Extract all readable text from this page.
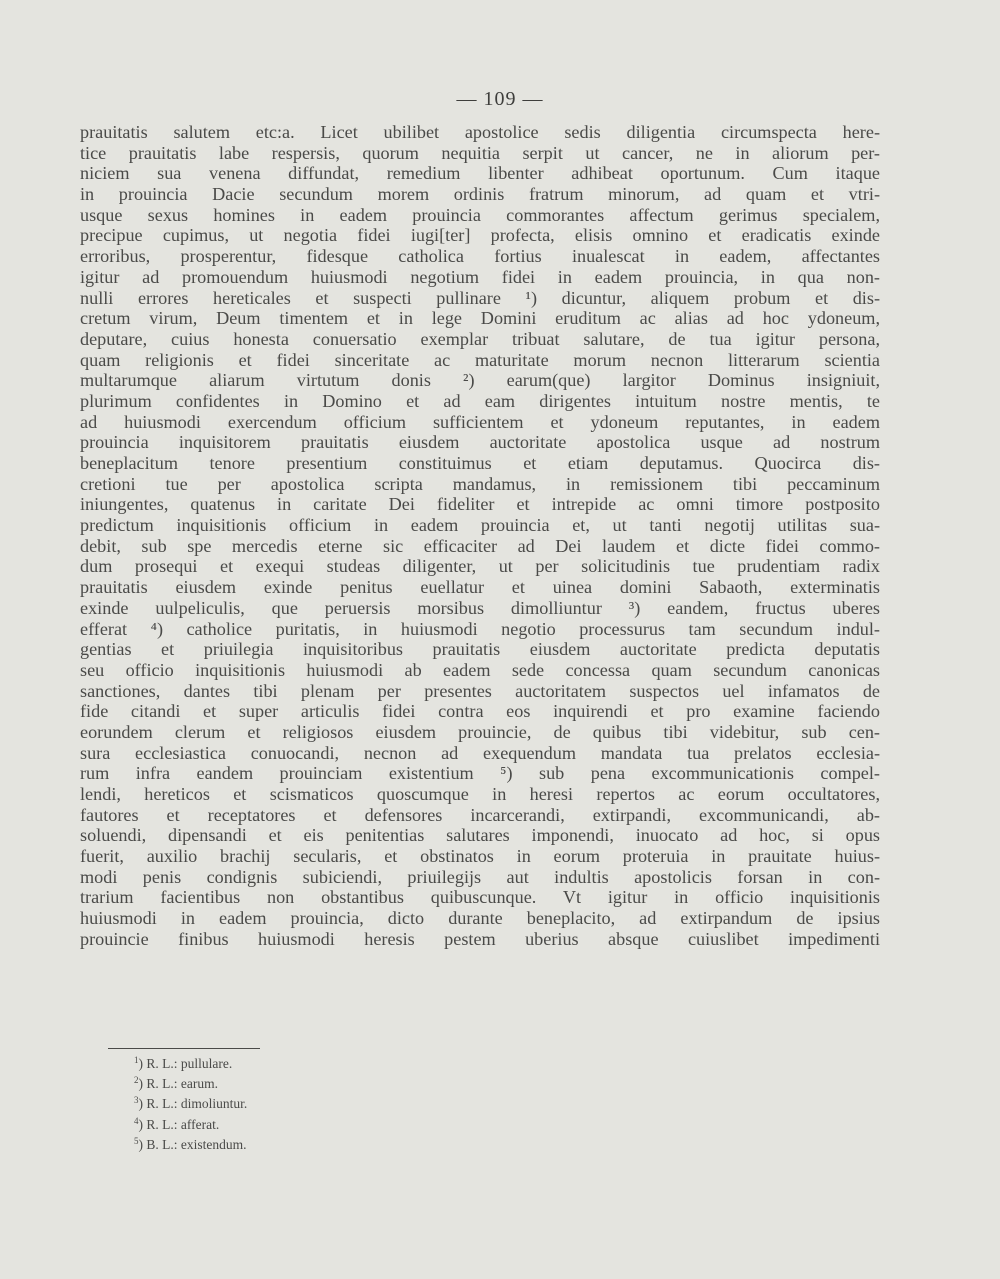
— 109 —
prauitatis salutem etc:a. Licet ubilibet apostolice sedis diligentia circumspecta here-
tice prauitatis labe respersis, quorum nequitia serpit ut cancer, ne in aliorum per-
niciem sua venena diffundat, remedium libenter adhibeat oportunum. Cum itaque
in prouincia Dacie secundum morem ordinis fratrum minorum, ad quam et vtri-
usque sexus homines in eadem prouincia commorantes affectum gerimus specialem,
precipue cupimus, ut negotia fidei iugi[ter] profecta, elisis omnino et eradicatis exinde
erroribus, prosperentur, fidesque catholica fortius inualescat in eadem, affectantes
igitur ad promouendum huiusmodi negotium fidei in eadem prouincia, in qua non-
nulli errores hereticales et suspecti pullinare ¹) dicuntur, aliquem probum et dis-
cretum virum, Deum timentem et in lege Domini eruditum ac alias ad hoc ydoneum,
deputare, cuius honesta conuersatio exemplar tribuat salutare, de tua igitur persona,
quam religionis et fidei sinceritate ac maturitate morum necnon litterarum scientia
multarumque aliarum virtutum donis ²) earum(que) largitor Dominus insigniuit,
plurimum confidentes in Domino et ad eam dirigentes intuitum nostre mentis, te
ad huiusmodi exercendum officium sufficientem et ydoneum reputantes, in eadem
prouincia inquisitorem prauitatis eiusdem auctoritate apostolica usque ad nostrum
beneplacitum tenore presentium constituimus et etiam deputamus. Quocirca dis-
cretioni tue per apostolica scripta mandamus, in remissionem tibi peccaminum
iniungentes, quatenus in caritate Dei fideliter et intrepide ac omni timore postposito
predictum inquisitionis officium in eadem prouincia et, ut tanti negotij utilitas sua-
debit, sub spe mercedis eterne sic efficaciter ad Dei laudem et dicte fidei commo-
dum prosequi et exequi studeas diligenter, ut per solicitudinis tue prudentiam radix
prauitatis eiusdem exinde penitus euellatur et uinea domini Sabaoth, exterminatis
exinde uulpeliculis, que peruersis morsibus dimolliuntur ³) eandem, fructus uberes
efferat ⁴) catholice puritatis, in huiusmodi negotio processurus tam secundum indul-
gentias et priuilegia inquisitoribus prauitatis eiusdem auctoritate predicta deputatis
seu officio inquisitionis huiusmodi ab eadem sede concessa quam secundum canonicas
sanctiones, dantes tibi plenam per presentes auctoritatem suspectos uel infamatos de
fide citandi et super articulis fidei contra eos inquirendi et pro examine faciendo
eorundem clerum et religiosos eiusdem prouincie, de quibus tibi videbitur, sub cen-
sura ecclesiastica conuocandi, necnon ad exequendum mandata tua prelatos ecclesia-
rum infra eandem prouinciam existentium ⁵) sub pena excommunicationis compel-
lendi, hereticos et scismaticos quoscumque in heresi repertos ac eorum occultatores,
fautores et receptatores et defensores incarcerandi, extirpandi, excommunicandi, ab-
soluendi, dipensandi et eis penitentias salutares imponendi, inuocato ad hoc, si opus
fuerit, auxilio brachij secularis, et obstinatos in eorum proteruia in prauitate huius-
modi penis condignis subiciendi, priuilegijs aut indultis apostolicis forsan in con-
trarium facientibus non obstantibus quibuscunque. Vt igitur in officio inquisitionis
huiusmodi in eadem prouincia, dicto durante beneplacito, ad extirpandum de ipsius
prouincie finibus huiusmodi heresis pestem uberius absque cuiuslibet impedimenti
$^1$) R. L.: pullulare.
$^2$) R. L.: earum.
$^3$) R. L.: dimoliuntur.
$^4$) R. L.: afferat.
$^5$) B. L.: existendum.
